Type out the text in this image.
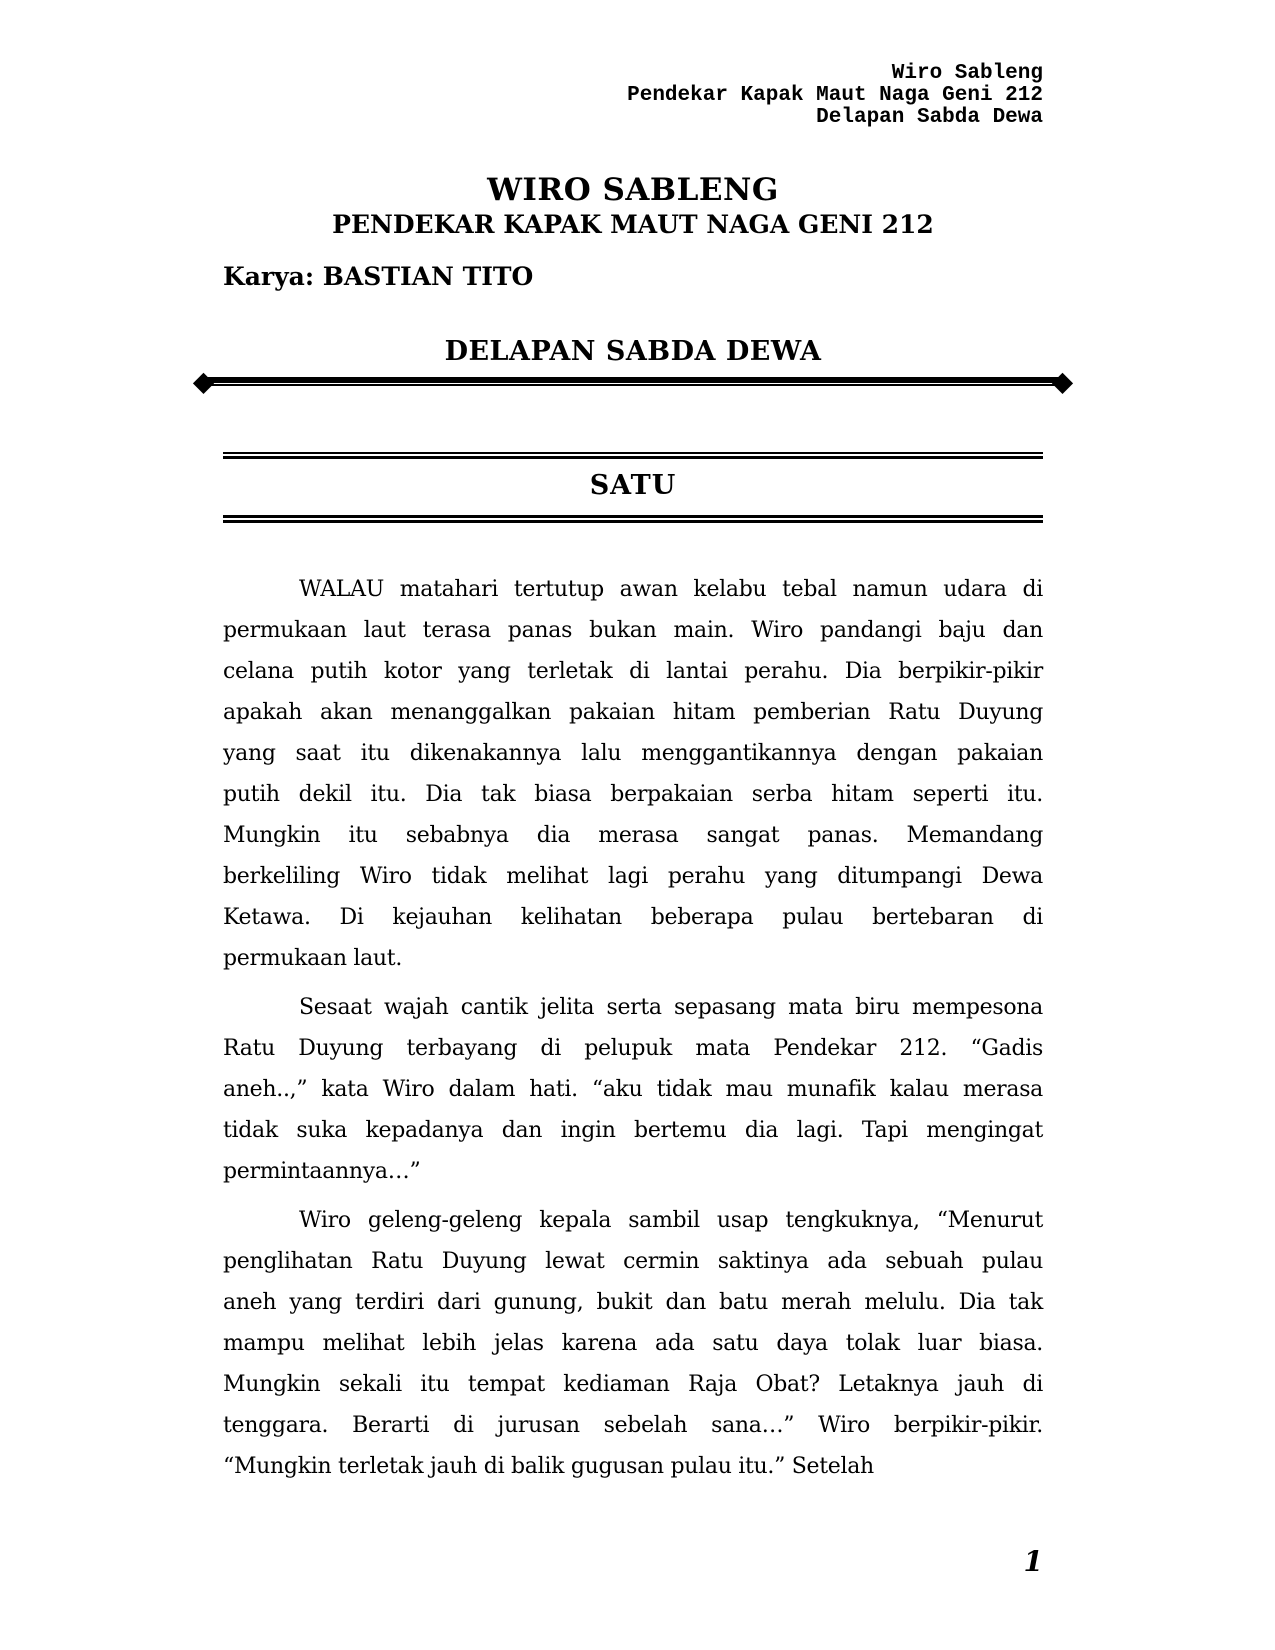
Wiro Sableng
Pendekar Kapak Maut Naga Geni 212
Delapan Sabda Dewa
WIRO SABLENG
PENDEKAR KAPAK MAUT NAGA GENI 212
Karya: BASTIAN TITO
DELAPAN SABDA DEWA
SATU
WALAU matahari tertutup awan kelabu tebal namun udara di
permukaan laut terasa panas bukan main. Wiro pandangi baju dan
celana putih kotor yang terletak di lantai perahu. Dia berpikir-pikir
apakah akan menanggalkan pakaian hitam pemberian Ratu Duyung
yang saat itu dikenakannya lalu menggantikannya dengan pakaian
putih dekil itu. Dia tak biasa berpakaian serba hitam seperti itu.
Mungkin itu sebabnya dia merasa sangat panas. Memandang
berkeliling Wiro tidak melihat lagi perahu yang ditumpangi Dewa
Ketawa. Di kejauhan kelihatan beberapa pulau bertebaran di
permukaan laut.
Sesaat wajah cantik jelita serta sepasang mata biru mempesona
Ratu Duyung terbayang di pelupuk mata Pendekar 212. “Gadis
aneh..,” kata Wiro dalam hati. “aku tidak mau munafik kalau merasa
tidak suka kepadanya dan ingin bertemu dia lagi. Tapi mengingat
permintaannya…”
Wiro geleng-geleng kepala sambil usap tengkuknya, “Menurut
penglihatan Ratu Duyung lewat cermin saktinya ada sebuah pulau
aneh yang terdiri dari gunung, bukit dan batu merah melulu. Dia tak
mampu melihat lebih jelas karena ada satu daya tolak luar biasa.
Mungkin sekali itu tempat kediaman Raja Obat? Letaknya jauh di
tenggara. Berarti di jurusan sebelah sana…” Wiro berpikir-pikir.
“Mungkin terletak jauh di balik gugusan pulau itu.” Setelah
1
